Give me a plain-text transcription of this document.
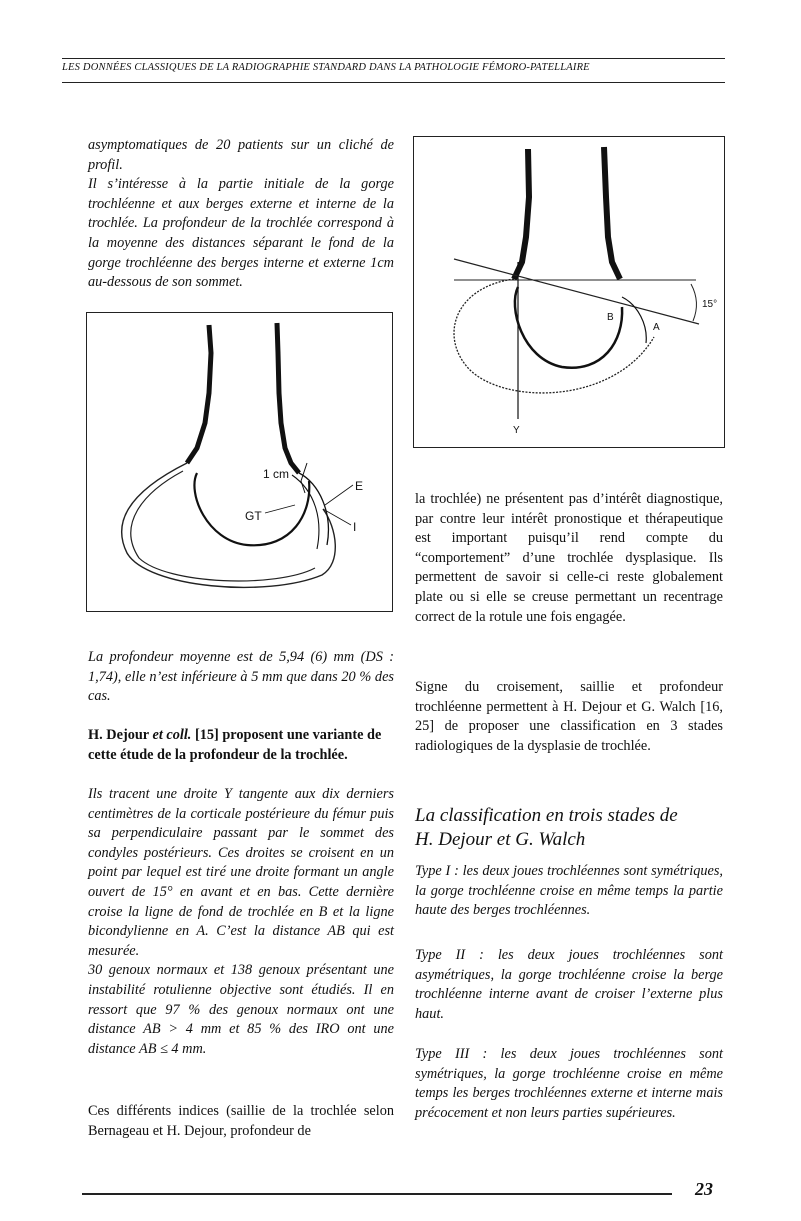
LES DONNÉES CLASSIQUES DE LA RADIOGRAPHIE STANDARD DANS LA PATHOLOGIE FÉMORO-PATELLAIRE

asymptomatiques de 20 patients sur un cliché de profil.

Il s’intéresse à la partie initiale de la gorge trochléenne et aux berges externe et interne de la trochlée. La profondeur de la trochlée correspond à la moyenne des distances séparant le fond de la gorge trochléenne des berges interne et externe 1cm au-dessous de son sommet.

1 cm
GT
E
I

La profondeur moyenne est de 5,94 (6) mm (DS : 1,74), elle n’est inférieure à 5 mm que dans 20 % des cas.

H. Dejour et coll. [15] proposent une variante de cette étude de la profondeur de la trochlée.

Ils tracent une droite Y tangente aux dix derniers centimètres de la corticale postérieure du fémur puis sa perpendiculaire passant par le sommet des condyles postérieurs. Ces droites se croisent en un point par lequel est tiré une droite formant un angle ouvert de 15° en avant et en bas. Cette dernière croise la ligne de fond de trochlée en B et la ligne bicondylienne en A. C’est la distance AB qui est mesurée.

30 genoux normaux et 138 genoux présentant une instabilité rotulienne objective sont étudiés. Il en ressort que 97 % des genoux normaux ont une distance AB > 4 mm et 85 % des IRO ont une distance AB ≤ 4 mm.

Ces différents indices (saillie de la trochlée selon Bernageau et H. Dejour, profondeur de

15°
B
A
Y

la trochlée) ne présentent pas d’intérêt diagnostique, par contre leur intérêt pronostique et thérapeutique est important puisqu’il rend compte du “comportement” d’une trochlée dysplasique. Ils permettent de savoir si celle-ci reste globalement plate ou si elle se creuse permettant un recentrage correct de la rotule une fois engagée.

Signe du croisement, saillie et profondeur trochléenne permettent à H. Dejour et G. Walch [16, 25] de proposer une classification en 3 stades radiologiques de la dysplasie de trochlée.

La classification en trois stades de
H. Dejour et G. Walch

Type I : les deux joues trochléennes sont symétriques, la gorge trochléenne croise en même temps la partie haute des berges trochléennes.

Type II : les deux joues trochléennes sont asymétriques, la gorge trochléenne croise la berge trochléenne interne avant de croiser l’externe plus haut.

Type III : les deux joues trochléennes sont symétriques, la gorge trochléenne croise en même temps les berges trochléennes externe et interne mais précocement et non leurs parties supérieures.

23
